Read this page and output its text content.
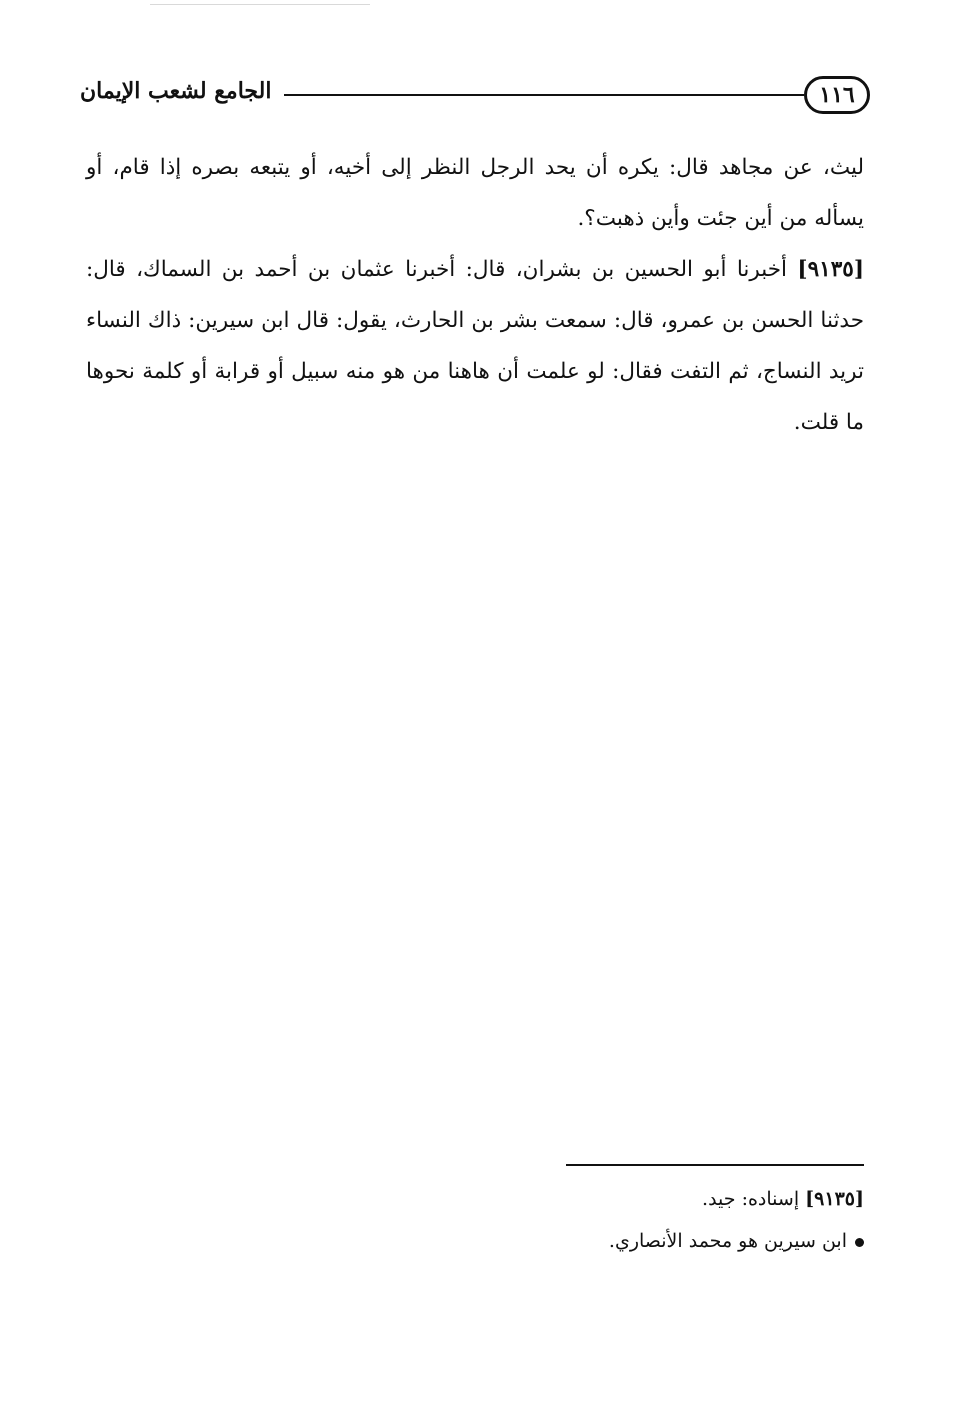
١١٦
الجامع لشعب الإيمان

ليث، عن مجاهد قال: يكره أن يحد الرجل النظر إلى أخيه، أو يتبعه بصره إذا قام، أو يسأله من أين جئت وأين ذهبت؟.

[٩١٣٥] أخبرنا أبو الحسين بن بشران، قال: أخبرنا عثمان بن أحمد بن السماك، قال: حدثنا الحسن بن عمرو، قال: سمعت بشر بن الحارث، يقول: قال ابن سيرين: ذاك النساء تريد النساج، ثم التفت فقال: لو علمت أن هاهنا من هو منه سبيل أو قرابة أو كلمة نحوها ما قلت.

[٩١٣٥] إسناده: جيد.

ابن سيرين هو محمد الأنصاري.
